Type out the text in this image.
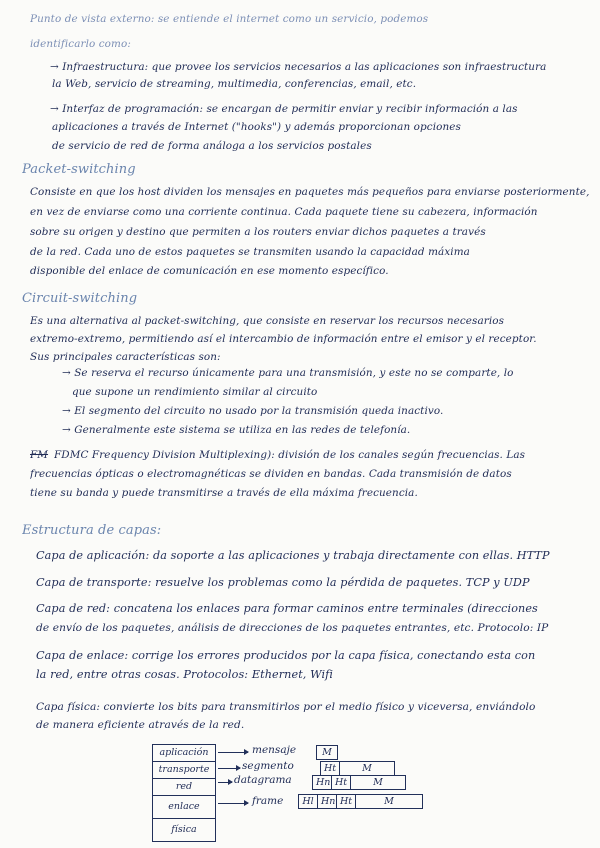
Punto de vista externo: se entiende el internet como un servicio, podemos
identificarlo como:
→ Infraestructura: que provee los servicios necesarios a las aplicaciones son infraestructura
la Web, servicio de streaming, multimedia, conferencias, email, etc.
→ Interfaz de programación: se encargan de permitir enviar y recibir información a las
aplicaciones a través de Internet ("hooks") y además proporcionan opciones
de servicio de red de forma análoga a los servicios postales
Packet-switching
Consiste en que los host dividen los mensajes en paquetes más pequeños para enviarse posteriormente,
en vez de enviarse como una corriente continua. Cada paquete tiene su cabezera, información
sobre su origen y destino que permiten a los routers enviar dichos paquetes a través
de la red. Cada uno de estos paquetes se transmiten usando la capacidad máxima
disponible del enlace de comunicación en ese momento específico.
Circuit-switching
Es una alternativa al packet-switching, que consiste en reservar los recursos necesarios
extremo-extremo, permitiendo así el intercambio de información entre el emisor y el receptor.
Sus principales características son:
→ Se reserva el recurso únicamente para una transmisión, y este no se comparte, lo
que supone un rendimiento similar al circuito
→ El segmento del circuito no usado por la transmisión queda inactivo.
→ Generalmente este sistema se utiliza en las redes de telefonía.
FM FDMC Frequency Division Multiplexing): división de los canales según frecuencias. Las
frecuencias ópticas o electromagnéticas se dividen en bandas. Cada transmisión de datos
tiene su banda y puede transmitirse a través de ella máxima frecuencia.
Estructura de capas:
Capa de aplicación: da soporte a las aplicaciones y trabaja directamente con ellas. HTTP
Capa de transporte: resuelve los problemas como la pérdida de paquetes. TCP y UDP
Capa de red: concatena los enlaces para formar caminos entre terminales (direcciones
de envío de los paquetes, análisis de direcciones de los paquetes entrantes, etc. Protocolo: IP
Capa de enlace: corrige los errores producidos por la capa física, conectando esta con
la red, entre otras cosas. Protocolos: Ethernet, Wifi
Capa física: convierte los bits para transmitirlos por el medio físico y viceversa, enviándolo
de manera eficiente através de la red.
aplicación
transporte
red
enlace
física
mensaje	M
segmento	Ht	M
datagrama	Hn Ht	M
frame	Hl Hn Ht	M
